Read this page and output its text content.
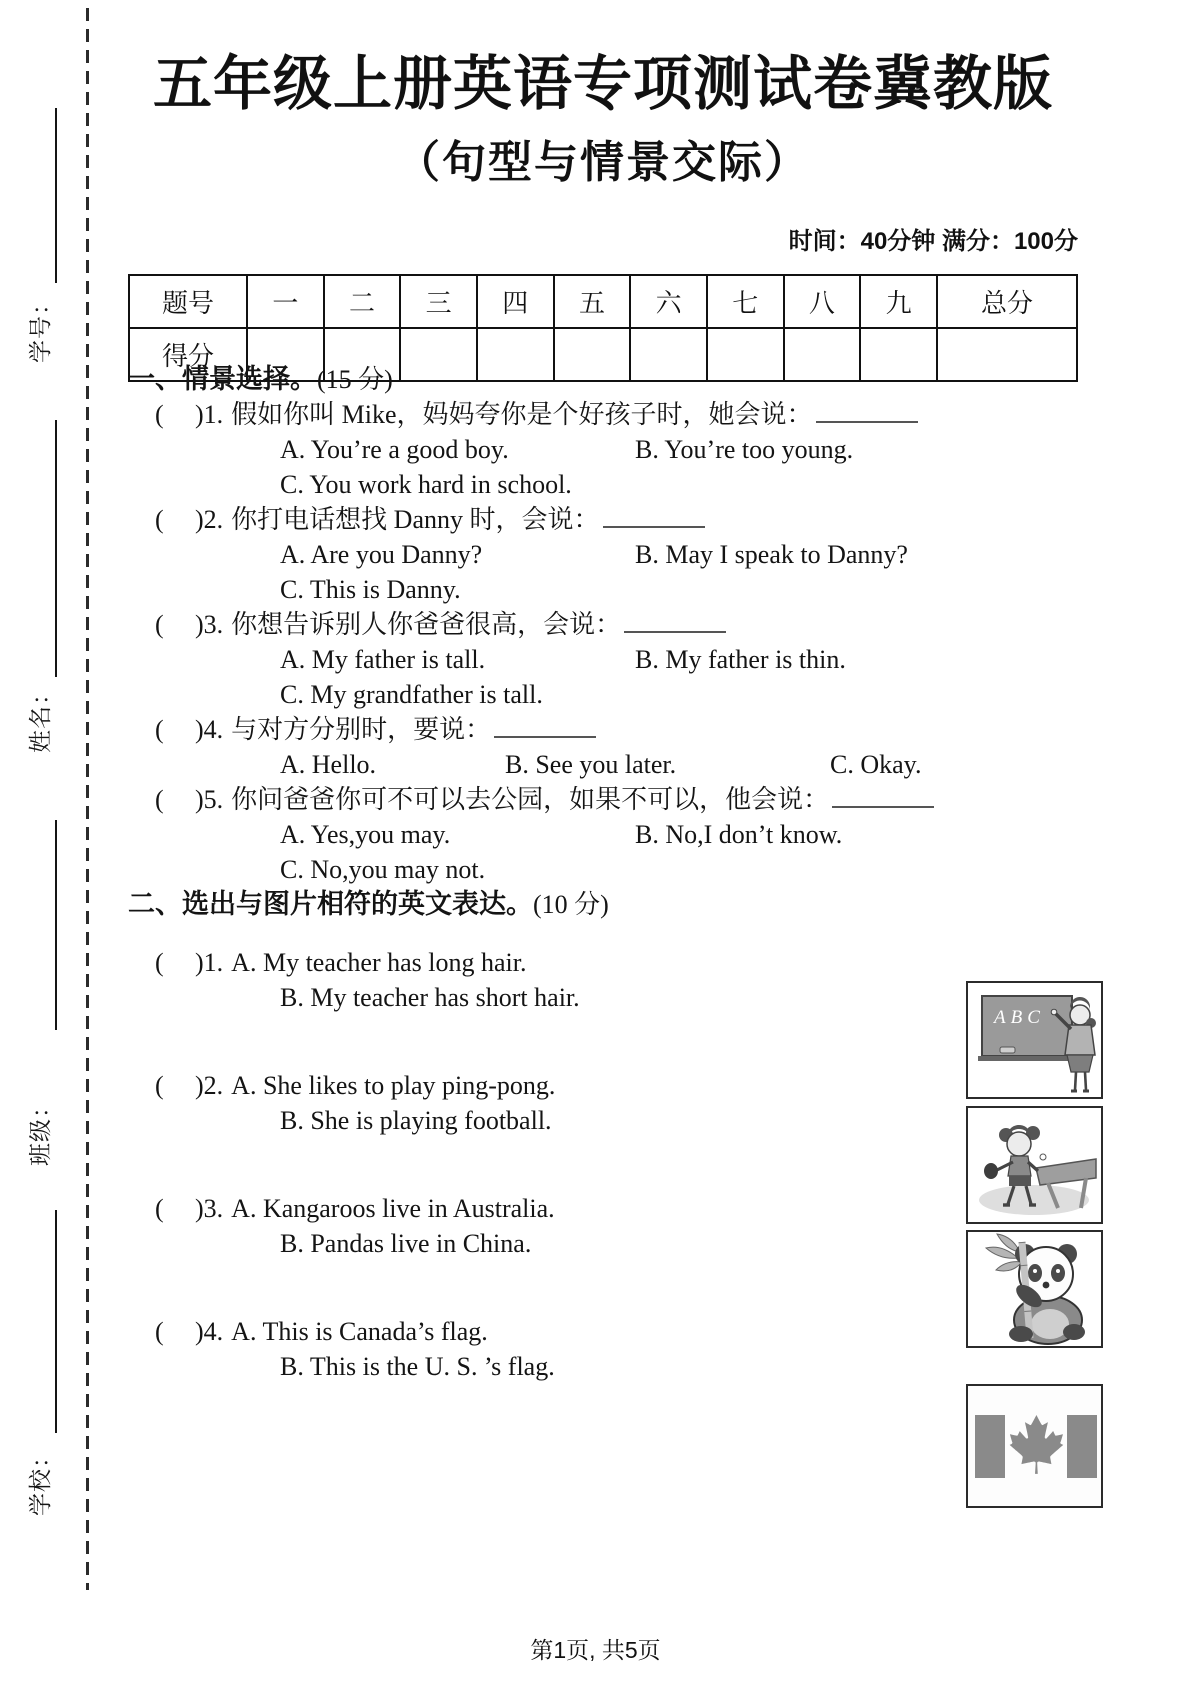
学号：
姓名：
班级：
学校：
五年级上册英语专项测试卷冀教版
（句型与情景交际）
时间：40分钟 满分：100分
题号	一	二	三	四	五	六	七	八	九	总分
得分										
一、情景选择。(15 分)
( )1. 假如你叫 Mike，妈妈夸你是个好孩子时，她会说：
A. You’re a good boy.	B. You’re too young.
C. You work hard in school.
( )2. 你打电话想找 Danny 时，会说：
A. Are you Danny?	B. May I speak to Danny?
C. This is Danny.
( )3. 你想告诉别人你爸爸很高，会说：
A. My father is tall.	B. My father is thin.
C. My grandfather is tall.
( )4. 与对方分别时，要说：
A. Hello.	B. See you later.	C. Okay.
( )5. 你问爸爸你可不可以去公园，如果不可以，他会说：
A. Yes,you may.	B. No,I don’t know.
C. No,you may not.
二、选出与图片相符的英文表达。(10 分)
( )1. A. My teacher has long hair.
B. My teacher has short hair.
( )2. A. She likes to play ping-pong.
B. She is playing football.
( )3. A. Kangaroos live in Australia.
B. Pandas live in China.
( )4. A. This is Canada’s flag.
B. This is the U. S. ’s flag.
ABC
第1页, 共5页
